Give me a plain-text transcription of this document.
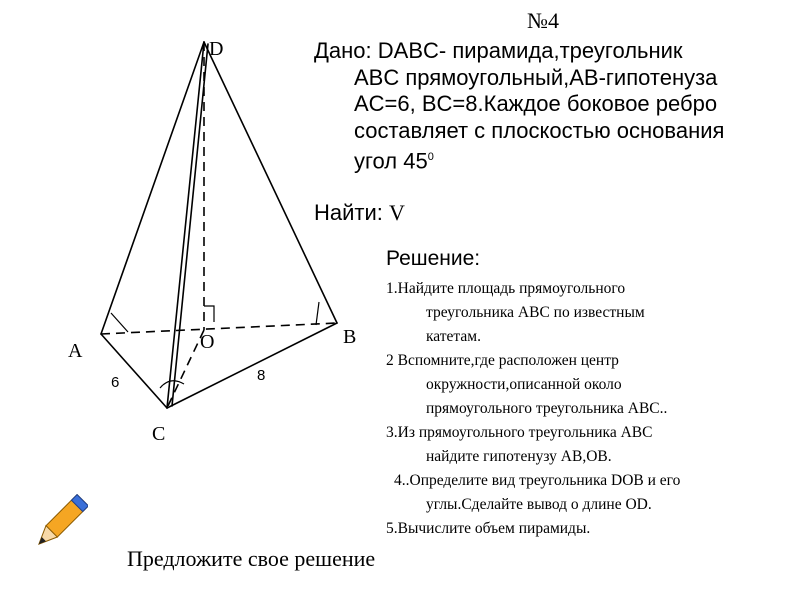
№4
Дано: DABC- пирамида,треугольник
ABC прямоугольный,AB-гипотенуза
AC=6, BC=8.Каждое боковое ребро
составляет с плоскостью основания
угол $45^0$
Найти: V
Решение:
1.Найдите площадь прямоугольного
треугольника ABC по известным
катетам.
2 Вспомните,где расположен центр
окружности,описанной около
прямоугольного треугольника ABC..
3.Из прямоугольного треугольника ABC
найдите гипотенузу AB,OB.
4..Определите вид треугольника DOB и его
углы.Сделайте вывод о длине OD.
5.Вычислите объем пирамиды.
Предложите свое решение
D
A
B
C
O
6	8
